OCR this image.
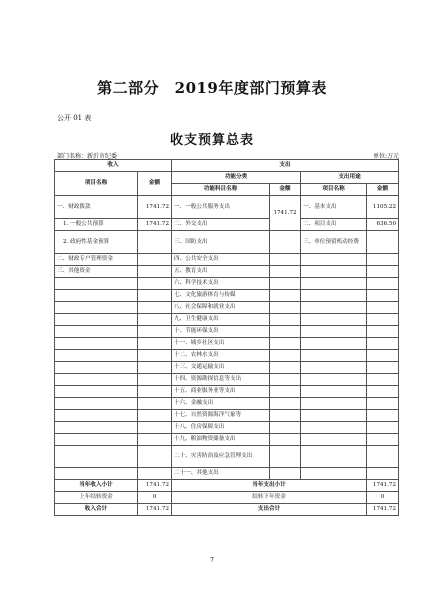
第二部分　2019年度部门预算表
公开 01 表
收支预算总表
部门名称：新沂市纪委	单位:万元
收入		支出			
项目名称	金额	功能分类		支出用途	
		功能科目名称	金额	项目名称	金额
一、财政拨款	1741.72	一、一般公共服务支出	1741.72	一、基本支出	1105.22
1. 一般公共预算	1741.72	二、外交支出		二、项目支出	636.50
2. 政府性基金预算		三、国防支出		三、单位预留机动经费	
二、财政专户管理资金		四、公共安全支出			
三、其他资金		五、教育支出			
		六、科学技术支出			
		七、文化旅游体育与传媒			
		八、社会保障和就业支出			
		九、卫生健康支出			
		十、节能环保支出			
		十一、城乡社区支出			
		十二、农林水支出			
		十三、交通运输支出			
		十四、资源勘探信息等支出			
		十五、商业服务业等支出			
		十六、金融支出			
		十七、自然资源海洋气象等			
		十八、住房保障支出			
		十九、粮油物资储备支出			
		二十、灾害防治及应急管理支出			
		二十一、其他支出			
当年收入小计	1741.72	当年支出小计			1741.72
上年结转资金	0	结转下年资金			0
收入合计	1741.72	支出合计			1741.72
7
